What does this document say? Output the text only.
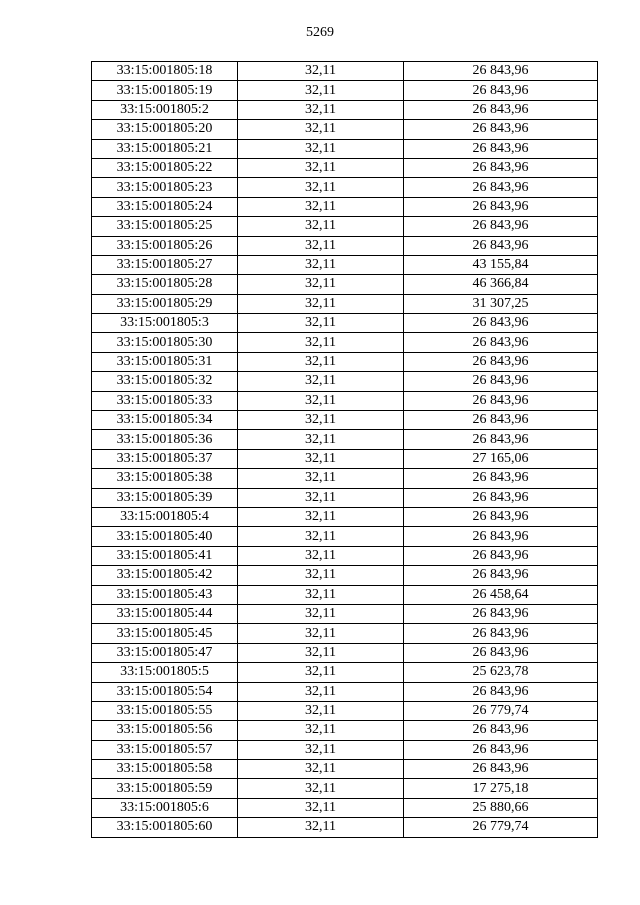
5269
33:15:001805:18	32,11	26 843,96
33:15:001805:19	32,11	26 843,96
33:15:001805:2	32,11	26 843,96
33:15:001805:20	32,11	26 843,96
33:15:001805:21	32,11	26 843,96
33:15:001805:22	32,11	26 843,96
33:15:001805:23	32,11	26 843,96
33:15:001805:24	32,11	26 843,96
33:15:001805:25	32,11	26 843,96
33:15:001805:26	32,11	26 843,96
33:15:001805:27	32,11	43 155,84
33:15:001805:28	32,11	46 366,84
33:15:001805:29	32,11	31 307,25
33:15:001805:3	32,11	26 843,96
33:15:001805:30	32,11	26 843,96
33:15:001805:31	32,11	26 843,96
33:15:001805:32	32,11	26 843,96
33:15:001805:33	32,11	26 843,96
33:15:001805:34	32,11	26 843,96
33:15:001805:36	32,11	26 843,96
33:15:001805:37	32,11	27 165,06
33:15:001805:38	32,11	26 843,96
33:15:001805:39	32,11	26 843,96
33:15:001805:4	32,11	26 843,96
33:15:001805:40	32,11	26 843,96
33:15:001805:41	32,11	26 843,96
33:15:001805:42	32,11	26 843,96
33:15:001805:43	32,11	26 458,64
33:15:001805:44	32,11	26 843,96
33:15:001805:45	32,11	26 843,96
33:15:001805:47	32,11	26 843,96
33:15:001805:5	32,11	25 623,78
33:15:001805:54	32,11	26 843,96
33:15:001805:55	32,11	26 779,74
33:15:001805:56	32,11	26 843,96
33:15:001805:57	32,11	26 843,96
33:15:001805:58	32,11	26 843,96
33:15:001805:59	32,11	17 275,18
33:15:001805:6	32,11	25 880,66
33:15:001805:60	32,11	26 779,74
